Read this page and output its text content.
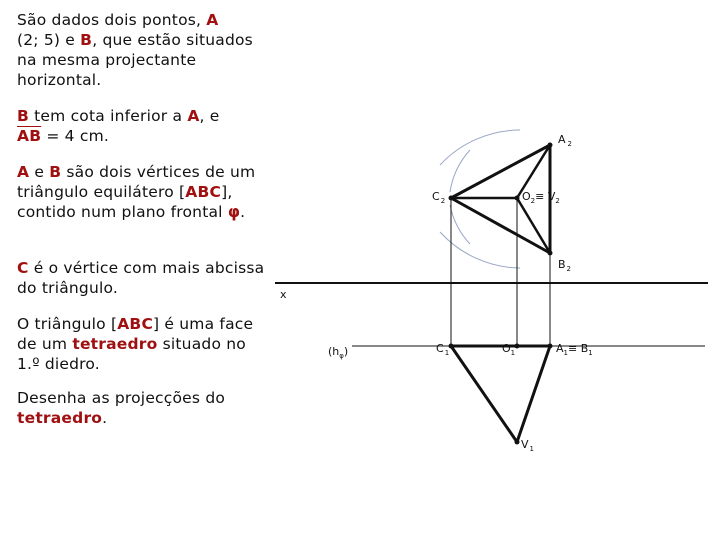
São dados dois pontos, A
(2; 5) e B, que estão situados na mesma projectante horizontal.
B tem cota inferior a A, e
$\overline{AB} = 4$ cm.
A e B são dois vértices de um triângulo equilátero [ABC], contido num plano frontal φ.
C é o vértice com mais abcissa do triângulo.
O triângulo [ABC] é uma face de um tetraedro situado no 1.º diedro.
Desenha as projecções do tetraedro.
A $_2$
$C_2$	$O_2\equiv V_2$
$B_2$
x
$(h_\varphi)$	$C_1$	$O_1$	$A_1\equiv B_1$
$V_1$
